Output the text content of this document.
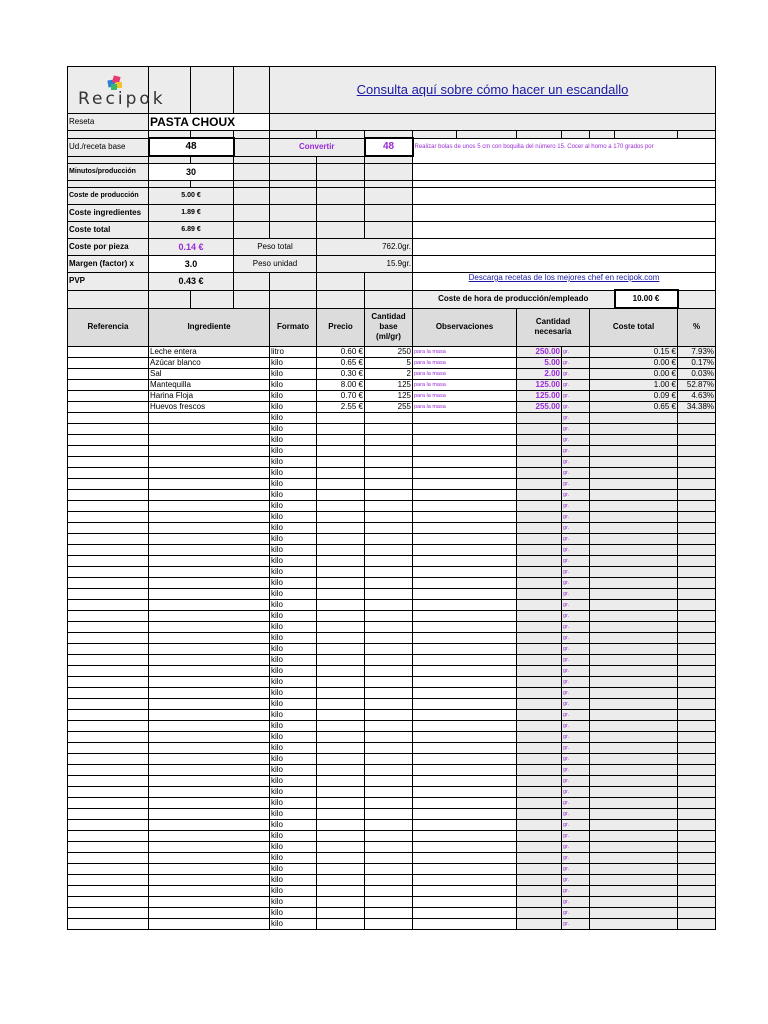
Recipok				Consulta aquí sobre cómo hacer un escandallo									
Reseta	PASTA CHOUX												

Ud./receta base	48			Convertir		48	Realizar bolas de unos 5 cm con boquilla del número 15. Cocer al horno a 170 grados por						

Minutos/producción	30												

Coste de producción	5.00 €												
Coste ingredientes	1.89 €												
Coste total	6.89 €												
Coste por pieza	0.14 €		Peso total		762.0gr.								
Margen (factor) x	3.0		Peso unidad		15.9gr.								
PVP	0.43 €						Descarga recetas de los mejores chef en recipok.com						
							Coste de hora de producción/empleado					10.00 €	
Referencia	Ingrediente			Formato	Precio	Cantidad base (ml/gr)	Observaciones		Cantidad necesaria		Coste total		%
	Leche entera			litro	0.60 €	250	para la masa		250.00	gr.	0.15 €		7.93%
	Azúcar blanco			kilo	0.65 €	5	para la masa		5.00	gr.	0.00 €		0.17%
	Sal			kilo	0.30 €	2	para la masa		2.00	gr.	0.00 €		0.03%
	Mantequilla			kilo	8.00 €	125	para la masa		125.00	gr.	1.00 €		52.87%
	Harina Floja			kilo	0.70 €	125	para la masa		125.00	gr.	0.09 €		4.63%
	Huevos frescos			kilo	2.55 €	255	para la masa		255.00	gr.	0.65 €		34.38%
				kilo						gr.			
				kilo						gr.			
				kilo						gr.			
				kilo						gr.			
				kilo						gr.			
				kilo						gr.			
				kilo						gr.			
				kilo						gr.			
				kilo						gr.			
				kilo						gr.			
				kilo						gr.			
				kilo						gr.			
				kilo						gr.			
				kilo						gr.			
				kilo						gr.			
				kilo						gr.			
				kilo						gr.			
				kilo						gr.			
				kilo						gr.			
				kilo						gr.			
				kilo						gr.			
				kilo						gr.			
				kilo						gr.			
				kilo						gr.			
				kilo						gr.			
				kilo						gr.			
				kilo						gr.			
				kilo						gr.			
				kilo						gr.			
				kilo						gr.			
				kilo						gr.			
				kilo						gr.			
				kilo						gr.			
				kilo						gr.			
				kilo						gr.			
				kilo						gr.			
				kilo						gr.			
				kilo						gr.			
				kilo						gr.			
				kilo						gr.			
				kilo						gr.			
				kilo						gr.			
				kilo						gr.			
				kilo						gr.			
				kilo						gr.			
				kilo						gr.			
				kilo						gr.			
